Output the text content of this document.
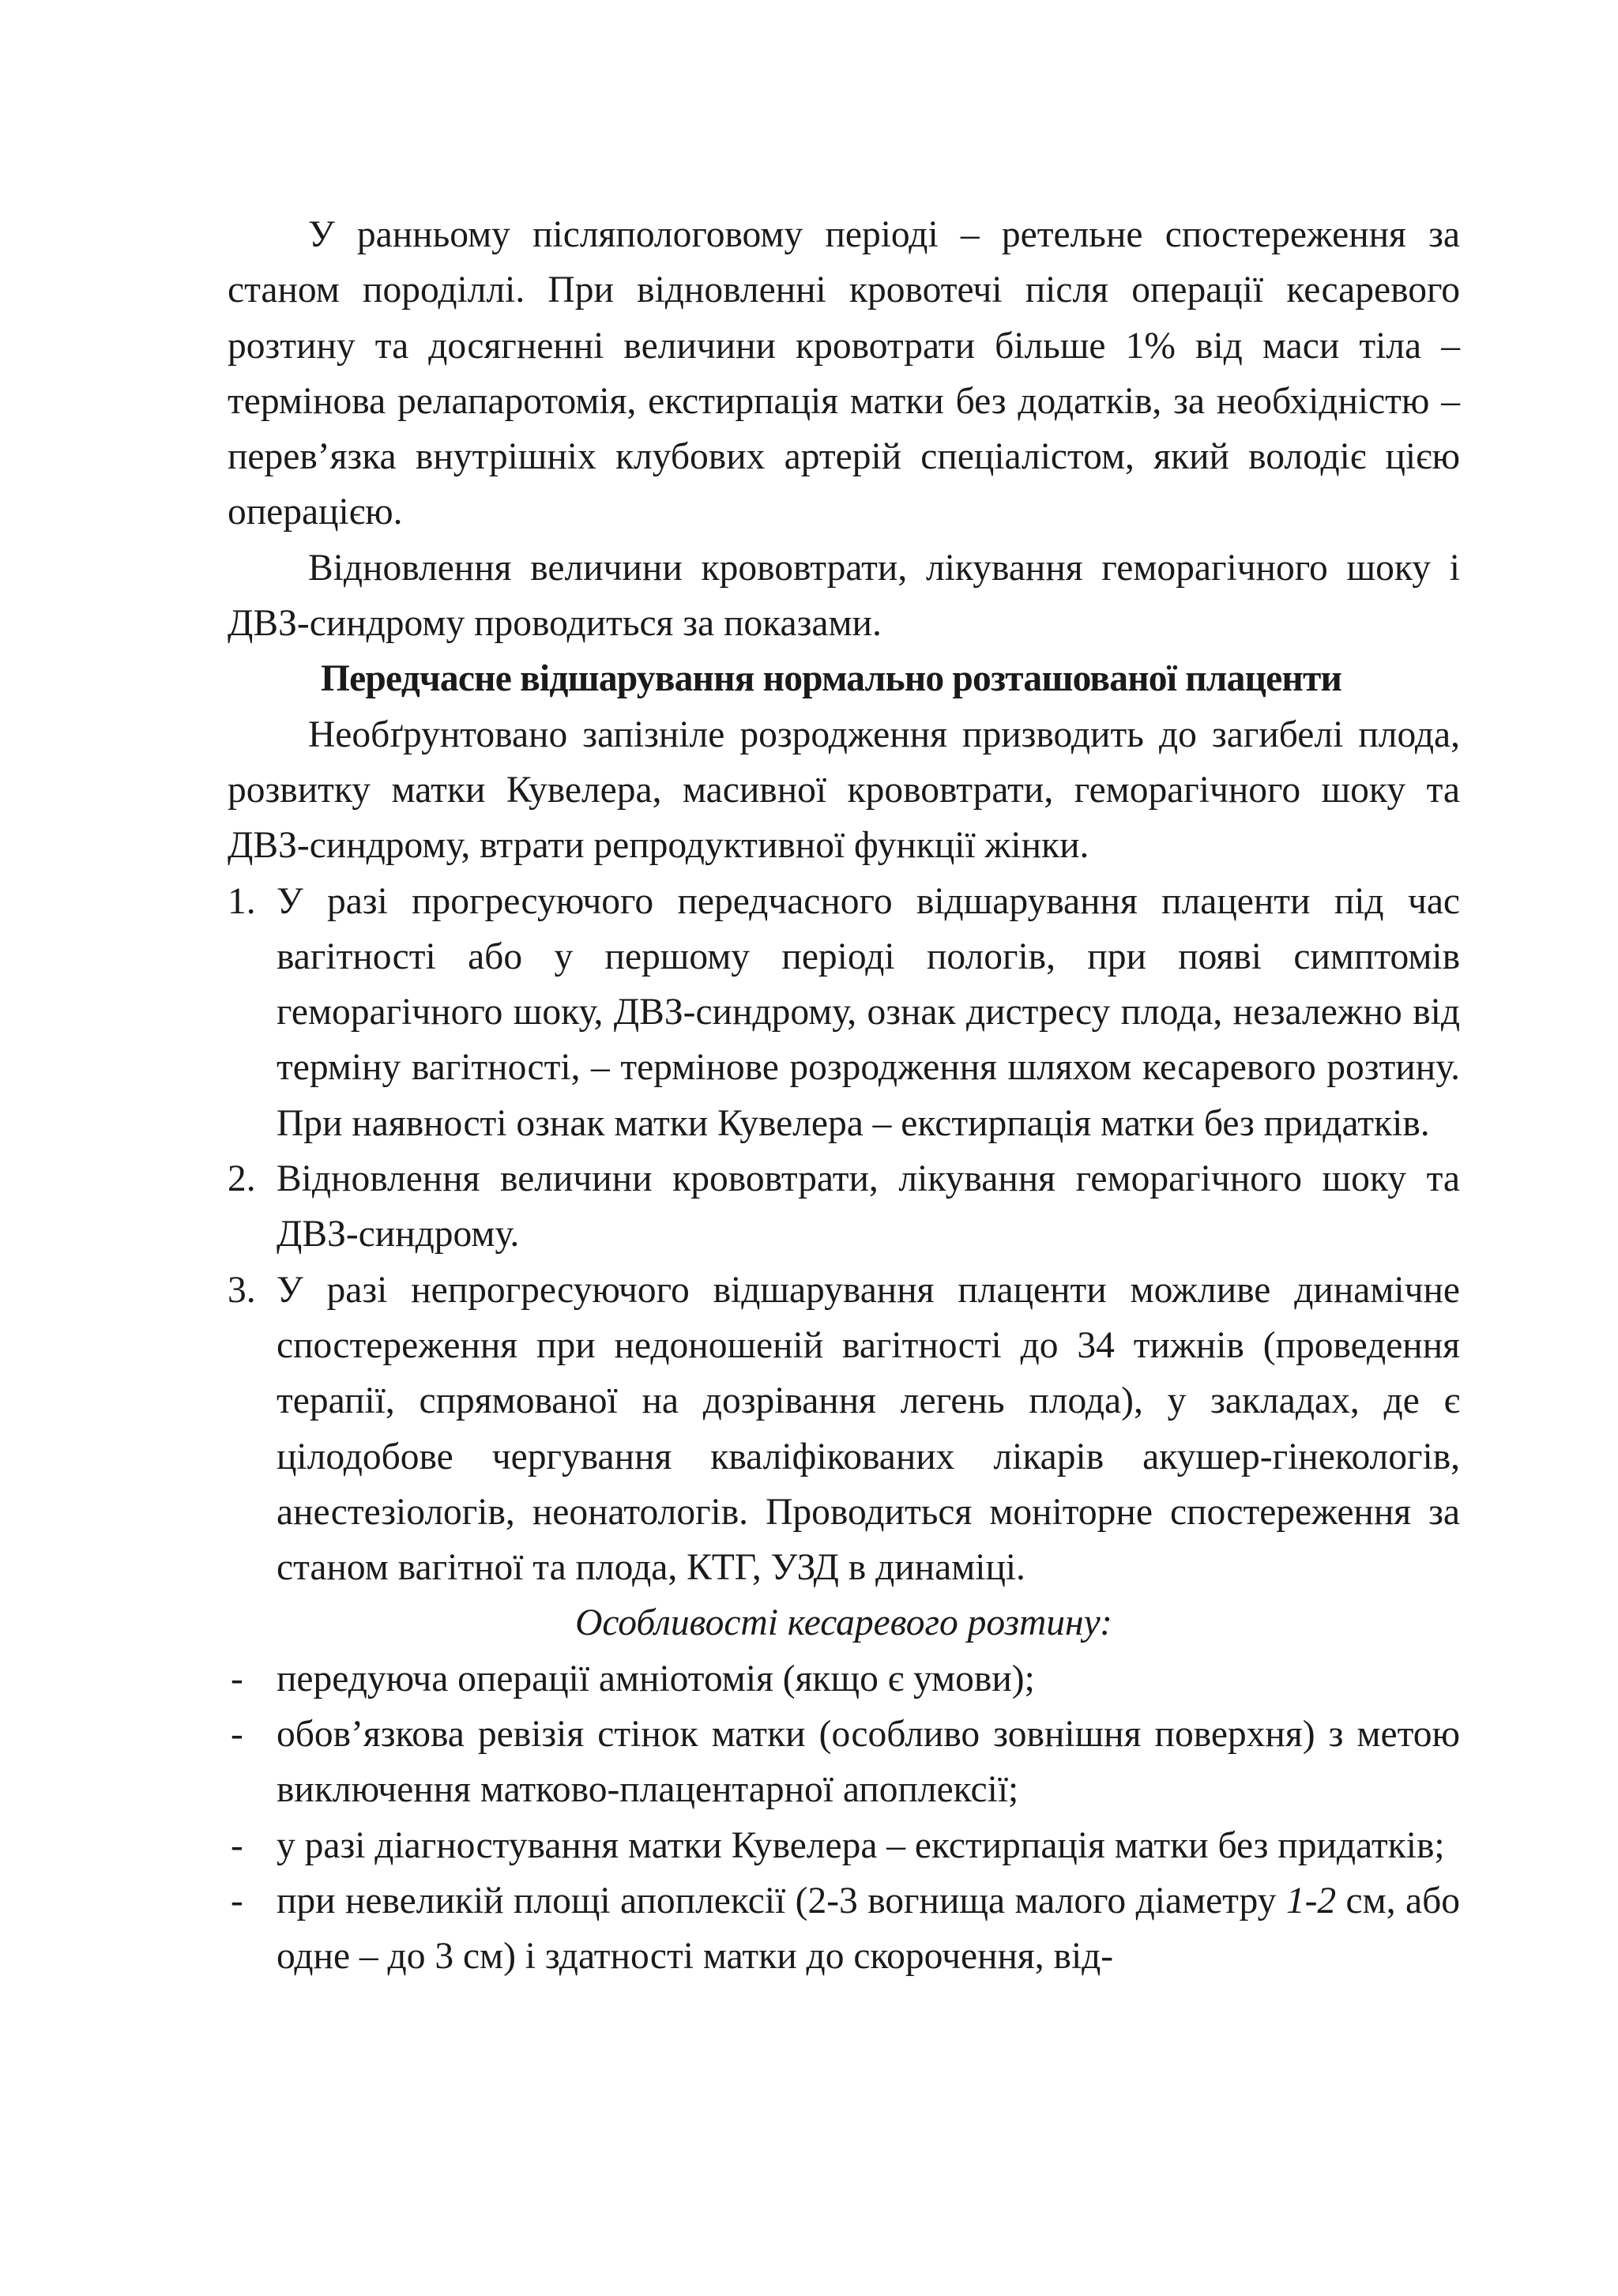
У ранньому післяпологовому періоді – ретельне спостереження за станом породіллі. При відновленні кровотечі після операції кесаревого розтину та досягненні величини кровотрати більше 1% від маси тіла – термінова релапаротомія, екстирпація матки без додатків, за необхідністю – перев’язка внутрішніх клубових артерій спеціалістом, який володіє цією операцією.

Відновлення величини крововтрати, лікування геморагічного шоку і ДВЗ-синдрому проводиться за показами.

Передчасне відшарування нормально розташованої плаценти

Необґрунтовано запізніле розродження призводить до загибелі плода, розвитку матки Кувелера, масивної крововтрати, геморагічного шоку та ДВЗ-синдрому, втрати репродуктивної функції жінки.

1. У разі прогресуючого передчасного відшарування плаценти під час вагітності або у першому періоді пологів, при появі симптомів геморагічного шоку, ДВЗ-синдрому, ознак дистресу плода, незалежно від терміну вагітності, – термінове розродження шляхом кесаревого розтину. При наявності ознак матки Кувелера – екстирпація матки без придатків.
2. Відновлення величини крововтрати, лікування геморагічного шоку та ДВЗ-синдрому.
3. У разі непрогресуючого відшарування плаценти можливе динамічне спостереження при недоношеній вагітності до 34 тижнів (проведення терапії, спрямованої на дозрівання легень плода), у закладах, де є цілодобове чергування кваліфікованих лікарів акушер-гінекологів, анестезіологів, неонатологів. Проводиться моніторне спостереження за станом вагітної та плода, КТГ, УЗД в динаміці.

Особливості кесаревого розтину:

- передуюча операції амніотомія (якщо є умови);
- обов’язкова ревізія стінок матки (особливо зовнішня поверхня) з метою виключення матково-плацентарної апоплексії;
- у разі діагностування матки Кувелера – екстирпація матки без придатків;
- при невеликій площі апоплексії (2-3 вогнища малого діаметру 1-2 см, або одне – до 3 см) і здатності матки до скорочення, від-
